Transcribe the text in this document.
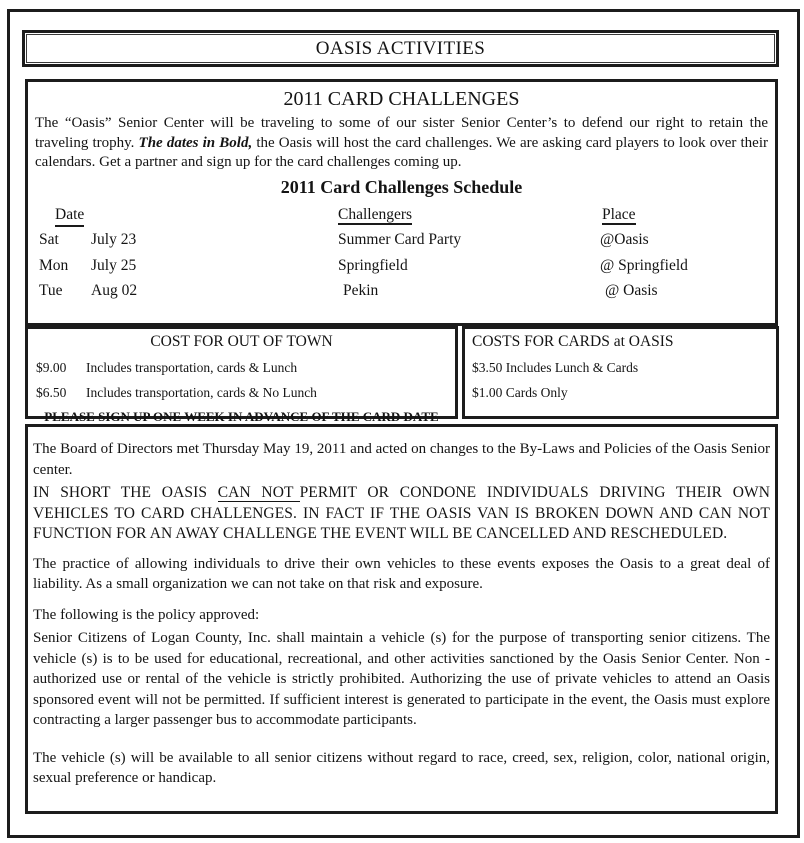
OASIS ACTIVITIES
2011 CARD CHALLENGES
The “Oasis” Senior Center will be traveling to some of our sister Senior Center’s to defend our right to retain the traveling trophy. The dates in Bold, the Oasis will host the card challenges. We are asking card players to look over their calendars. Get a partner and sign up for the card challenges coming up.
2011 Card Challenges Schedule
Date	Challengers	Place
Sat	July 23	Summer Card Party	@Oasis
Mon	July 25	Springfield	@ Springfield
Tue	Aug 02	Pekin	@ Oasis
COST FOR OUT OF TOWN
$9.00	Includes transportation, cards & Lunch
$6.50	Includes transportation, cards & No Lunch
PLEASE SIGN UP ONE WEEK IN ADVANCE OF THE CARD DATE
COSTS FOR CARDS at OASIS
$3.50 Includes Lunch & Cards
$1.00 Cards Only

The Board of Directors met Thursday May 19, 2011 and acted on changes to the By-Laws and Policies of the Oasis Senior center.

IN SHORT THE OASIS CAN NOT PERMIT OR CONDONE INDIVIDUALS DRIVING THEIR OWN VEHICLES TO CARD CHALLENGES. IN FACT IF THE OASIS VAN IS BROKEN DOWN AND CAN NOT FUNCTION FOR AN AWAY CHALLENGE THE EVENT WILL BE CANCELLED AND RESCHEDULED.

The practice of allowing individuals to drive their own vehicles to these events exposes the Oasis to a great deal of liability. As a small organization we can not take on that risk and exposure.

The following is the policy approved:

Senior Citizens of Logan County, Inc. shall maintain a vehicle (s) for the purpose of transporting senior citizens. The vehicle (s) is to be used for educational, recreational, and other activities sanctioned by the Oasis Senior Center. Non -authorized use or rental of the vehicle is strictly prohibited. Authorizing the use of private vehicles to attend an Oasis sponsored event will not be permitted. If sufficient interest is generated to participate in the event, the Oasis must explore contracting a larger passenger bus to accommodate participants.

The vehicle (s) will be available to all senior citizens without regard to race, creed, sex, religion, color, national origin, sexual preference or handicap.
